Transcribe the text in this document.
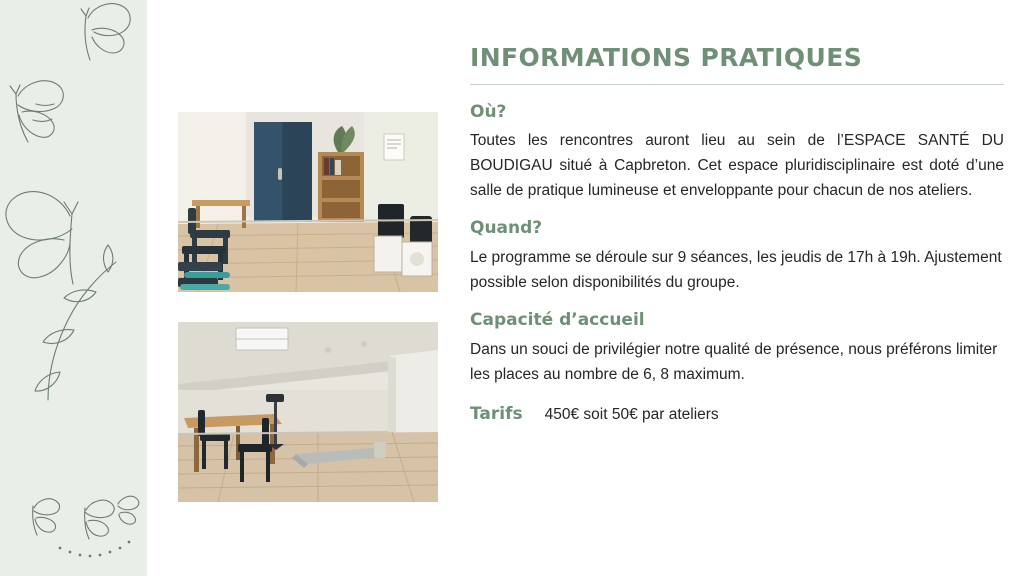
INFORMATIONS PRATIQUES
Où?

Toutes les rencontres auront lieu au sein de l’ESPACE SANTÉ DU BOUDIGAU situé à Capbreton. Cet espace pluridisciplinaire est doté d’une salle de pratique lumineuse et enveloppante pour chacun de nos ateliers.

Quand?

Le programme se déroule sur 9 séances, les jeudis de 17h à 19h. Ajustement possible selon disponibilités du groupe.

Capacité d’accueil

Dans un souci de privilégier notre qualité de présence, nous préférons limiter les places au nombre de 6, 8 maximum.

Tarifs 450€ soit 50€ par ateliers
